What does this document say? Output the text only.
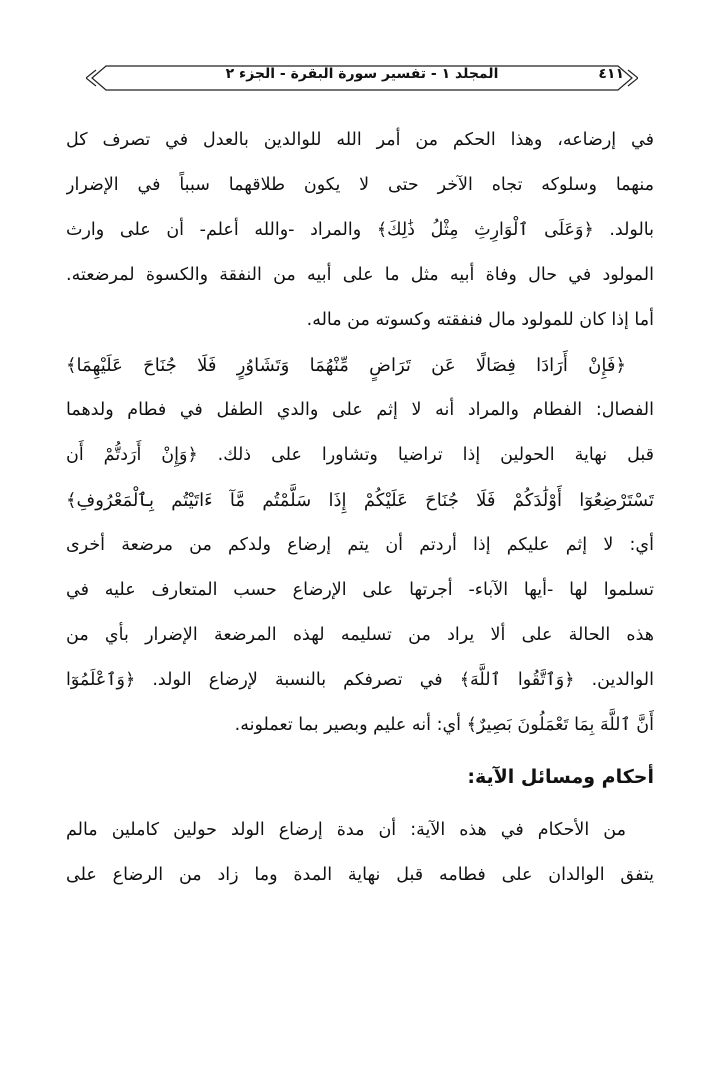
المجلد ١ - تفسير سورة البقرة - الجزء ٢	٤١١
في إرضاعه، وهذا الحكم من أمر الله للوالدين بالعدل في تصرف كل
منهما وسلوكه تجاه الآخر حتى لا يكون طلاقهما سبباً في الإضرار
بالولد. ﴿وَعَلَى ٱلْوَارِثِ مِثْلُ ذَٰلِكَ﴾ والمراد -والله أعلم- أن على وارث
المولود في حال وفاة أبيه مثل ما على أبيه من النفقة والكسوة لمرضعته.
أما إذا كان للمولود مال فنفقته وكسوته من ماله.
﴿فَإِنْ أَرَادَا فِصَالًا عَن تَرَاضٍ مِّنْهُمَا وَتَشَاوُرٍ فَلَا جُنَاحَ عَلَيْهِمَا﴾
الفصال: الفطام والمراد أنه لا إثم على والدي الطفل في فطام ولدهما
قبل نهاية الحولين إذا تراضيا وتشاورا على ذلك. ﴿وَإِنْ أَرَدتُّمْ أَن
تَسْتَرْضِعُوٓا أَوْلَٰدَكُمْ فَلَا جُنَاحَ عَلَيْكُمْ إِذَا سَلَّمْتُم مَّآ ءَاتَيْتُم بِٱلْمَعْرُوفِ﴾
أي: لا إثم عليكم إذا أردتم أن يتم إرضاع ولدكم من مرضعة أخرى
تسلموا لها -أيها الآباء- أجرتها على الإرضاع حسب المتعارف عليه في
هذه الحالة على ألا يراد من تسليمه لهذه المرضعة الإضرار بأي من
الوالدين. ﴿وَٱتَّقُوا ٱللَّهَ﴾ في تصرفكم بالنسبة لإرضاع الولد. ﴿وَٱعْلَمُوٓا
أَنَّ ٱللَّهَ بِمَا تَعْمَلُونَ بَصِيرٌ﴾ أي: أنه عليم وبصير بما تعملونه.
أحكام ومسائل الآية:
من الأحكام في هذه الآية: أن مدة إرضاع الولد حولين كاملين مالم
يتفق الوالدان على فطامه قبل نهاية المدة وما زاد من الرضاع على
